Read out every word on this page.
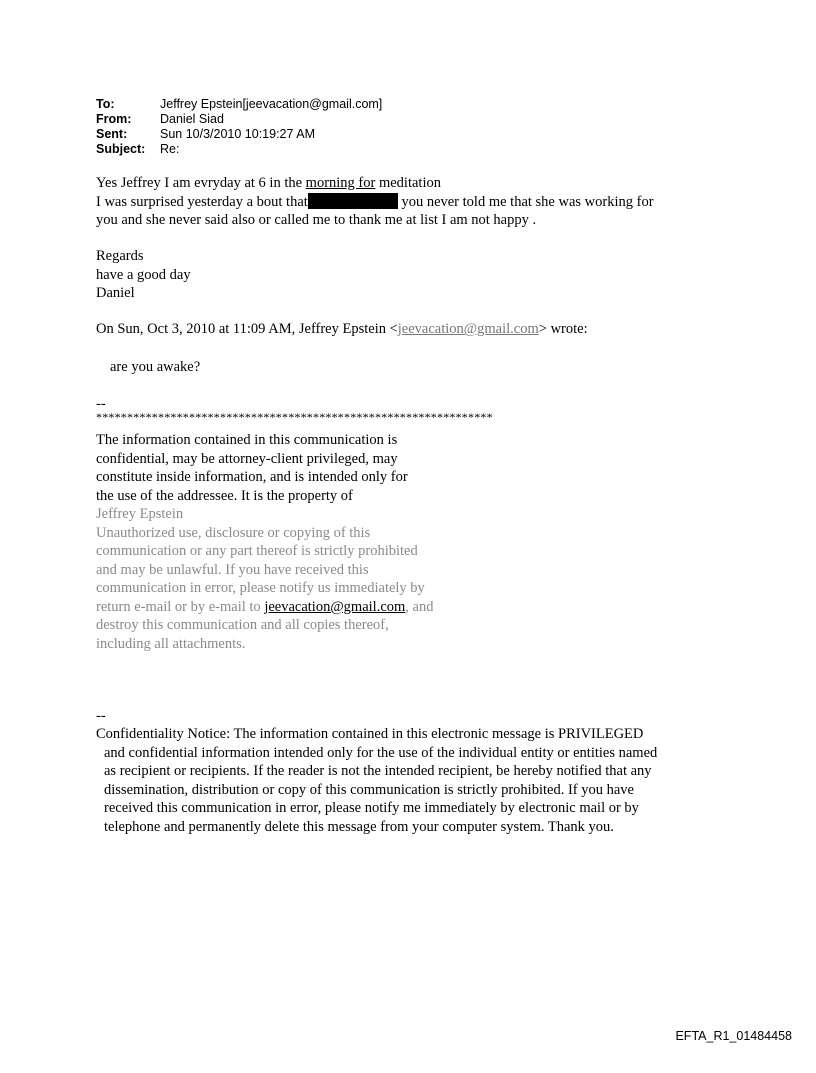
To:	Jeffrey Epstein[jeevacation@gmail.com]
From:	Daniel Siad
Sent:	Sun 10/3/2010 10:19:27 AM
Subject:	Re:
Yes Jeffrey I am evryday at 6 in the morning for meditation
I was surprised yesterday a bout that	you never told me that she was working for
you and she never said also or called me to thank me at list I am not happy .
Regards
have a good day
Daniel
On Sun, Oct 3, 2010 at 11:09 AM, Jeffrey Epstein <jeevacation@gmail.com> wrote:
are you awake?
--
****************************************************************
The information contained in this communication is
confidential, may be attorney-client privileged, may
constitute inside information, and is intended only for
the use of the addressee. It is the property of
Jeffrey Epstein
Unauthorized use, disclosure or copying of this
communication or any part thereof is strictly prohibited
and may be unlawful. If you have received this
communication in error, please notify us immediately by
return e-mail or by e-mail to jeevacation@gmail.com, and
destroy this communication and all copies thereof,
including all attachments.
--
Confidentiality Notice: The information contained in this electronic message is PRIVILEGED
and confidential information intended only for the use of the individual entity or entities named
as recipient or recipients. If the reader is not the intended recipient, be hereby notified that any
dissemination, distribution or copy of this communication is strictly prohibited. If you have
received this communication in error, please notify me immediately by electronic mail or by
telephone and permanently delete this message from your computer system. Thank you.
EFTA_R1_01484458
